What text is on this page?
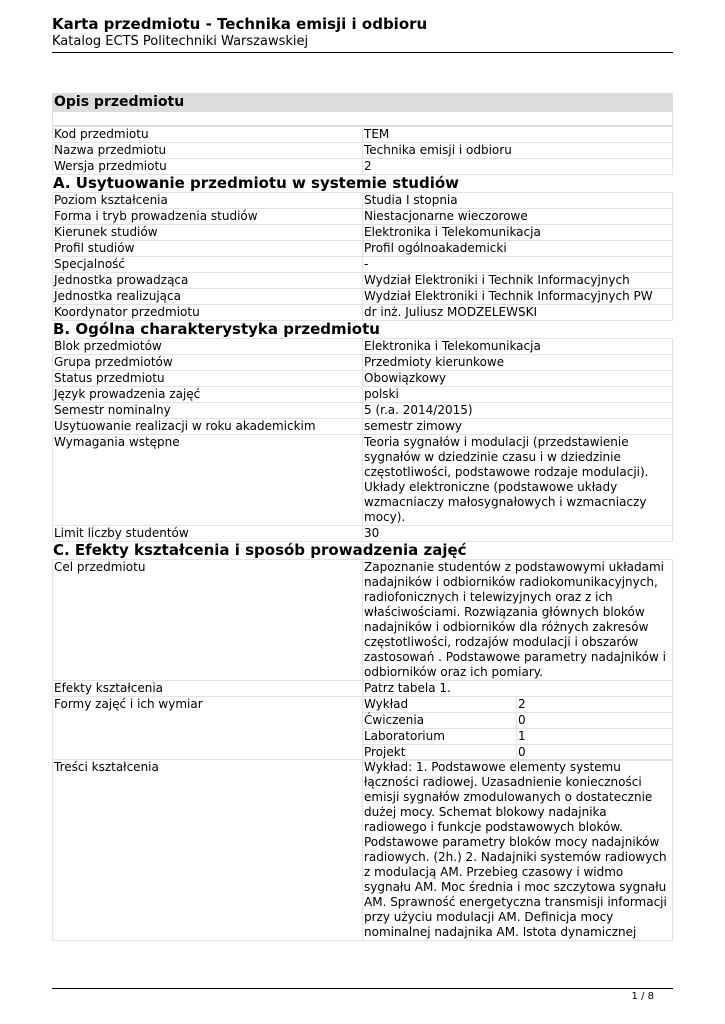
Karta przedmiotu - Technika emisji i odbioru
Katalog ECTS Politechniki Warszawskiej
Opis przedmiotu
Kod przedmiotu	TEM
Nazwa przedmiotu	Technika emisji i odbioru
Wersja przedmiotu	2
A. Usytuowanie przedmiotu w systemie studiów
Poziom kształcenia	Studia I stopnia
Forma i tryb prowadzenia studiów	Niestacjonarne wieczorowe
Kierunek studiów	Elektronika i Telekomunikacja
Profil studiów	Profil ogólnoakademicki
Specjalność	-
Jednostka prowadząca	Wydział Elektroniki i Technik Informacyjnych
Jednostka realizująca	Wydział Elektroniki i Technik Informacyjnych PW
Koordynator przedmiotu	dr inż. Juliusz MODZELEWSKI
B. Ogólna charakterystyka przedmiotu
Blok przedmiotów	Elektronika i Telekomunikacja
Grupa przedmiotów	Przedmioty kierunkowe
Status przedmiotu	Obowiązkowy
Język prowadzenia zajęć	polski
Semestr nominalny	5 (r.a. 2014/2015)
Usytuowanie realizacji w roku akademickim	semestr zimowy
Wymagania wstępne	Teoria sygnałów i modulacji (przedstawienie sygnałów w dziedzinie czasu i w dziedzinie częstotliwości, podstawowe rodzaje modulacji). Układy elektroniczne (podstawowe układy wzmacniaczy małosygnałowych i wzmacniaczy mocy).
Limit liczby studentów	30
C. Efekty kształcenia i sposób prowadzenia zajęć
Cel przedmiotu	Zapoznanie studentów z podstawowymi układami nadajników i odbiorników radiokomunikacyjnych, radiofonicznych i telewizyjnych oraz z ich właściwościami. Rozwiązania głównych bloków nadajników i odbiorników dla różnych zakresów częstotliwości, rodzajów modulacji i obszarów zastosowań . Podstawowe parametry nadajników i odbiorników oraz ich pomiary.
Efekty kształcenia	Patrz tabela 1.
Formy zajęć i ich wymiar	Wykład	2
Ćwiczenia	0
Laboratorium	1
Projekt	0
Treści kształcenia	Wykład: 1. Podstawowe elementy systemu łączności radiowej. Uzasadnienie konieczności emisji sygnałów zmodulowanych o dostatecznie dużej mocy. Schemat blokowy nadajnika radiowego i funkcje podstawowych bloków. Podstawowe parametry bloków mocy nadajników radiowych. (2h.) 2. Nadajniki systemów radiowych z modulacją AM. Przebieg czasowy i widmo sygnału AM. Moc średnia i moc szczytowa sygnału AM. Sprawność energetyczna transmisji informacji przy użyciu modulacji AM. Definicja mocy nominalnej nadajnika AM. Istota dynamicznej
1 / 8
